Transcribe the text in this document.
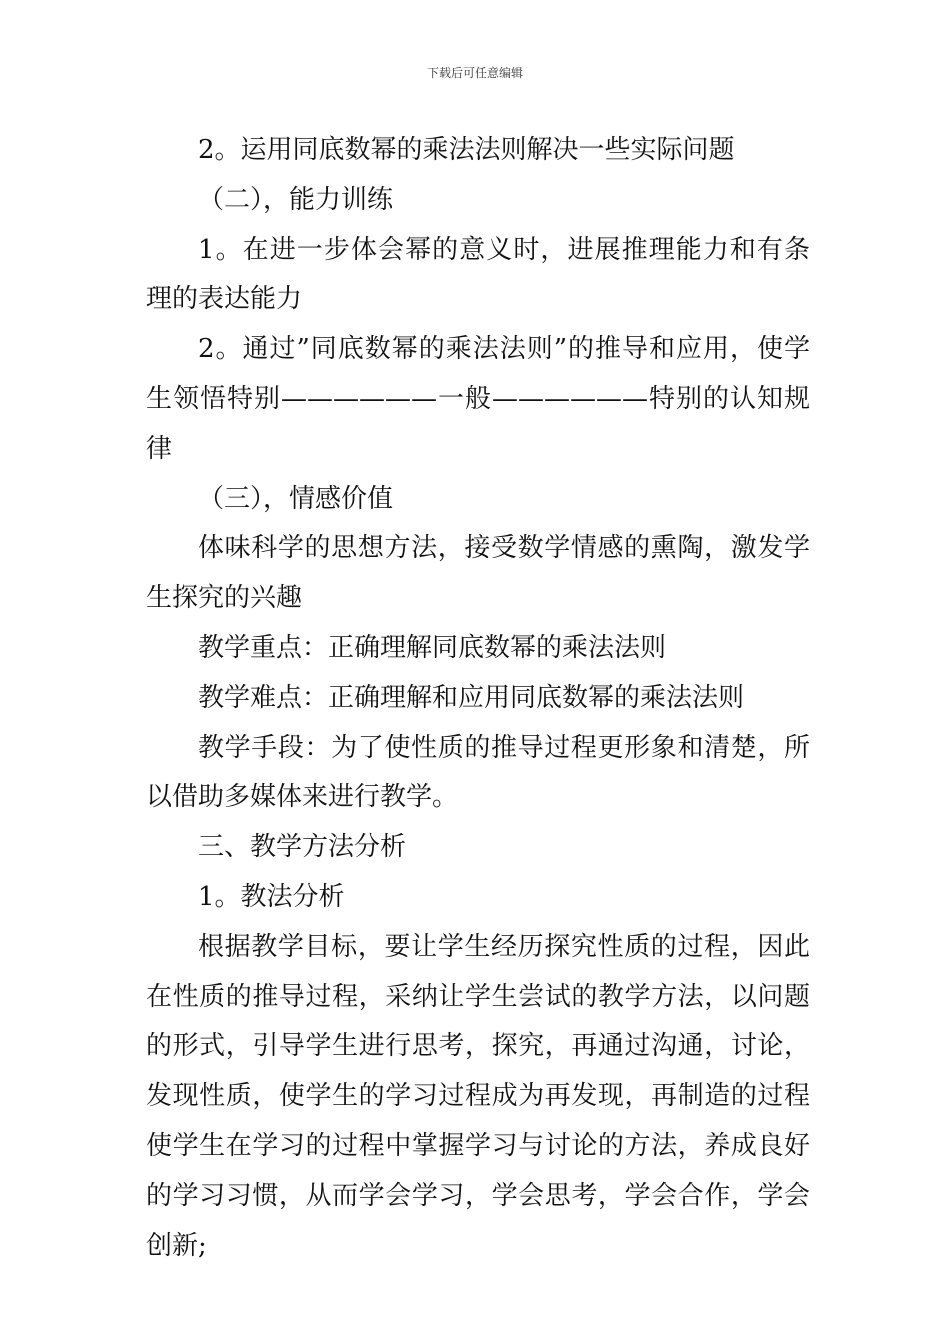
下载后可任意编辑

2。运用同底数幂的乘法法则解决一些实际问题

（二），能力训练

1。在进一步体会幂的意义时，进展推理能力和有条理的表达能力

2。通过”同底数幂的乘法法则”的推导和应用，使学生领悟特别——————一般——————特别的认知规律

（三），情感价值

体味科学的思想方法，接受数学情感的熏陶，激发学生探究的兴趣

教学重点：正确理解同底数幂的乘法法则

教学难点：正确理解和应用同底数幂的乘法法则

教学手段：为了使性质的推导过程更形象和清楚，所以借助多媒体来进行教学。

三、教学方法分析

1。教法分析

根据教学目标，要让学生经历探究性质的过程，因此在性质的推导过程，采纳让学生尝试的教学方法，以问题的形式，引导学生进行思考，探究，再通过沟通，讨论，发现性质，使学生的学习过程成为再发现，再制造的过程使学生在学习的过程中掌握学习与讨论的方法，养成良好的学习习惯，从而学会学习，学会思考，学会合作，学会创新;
